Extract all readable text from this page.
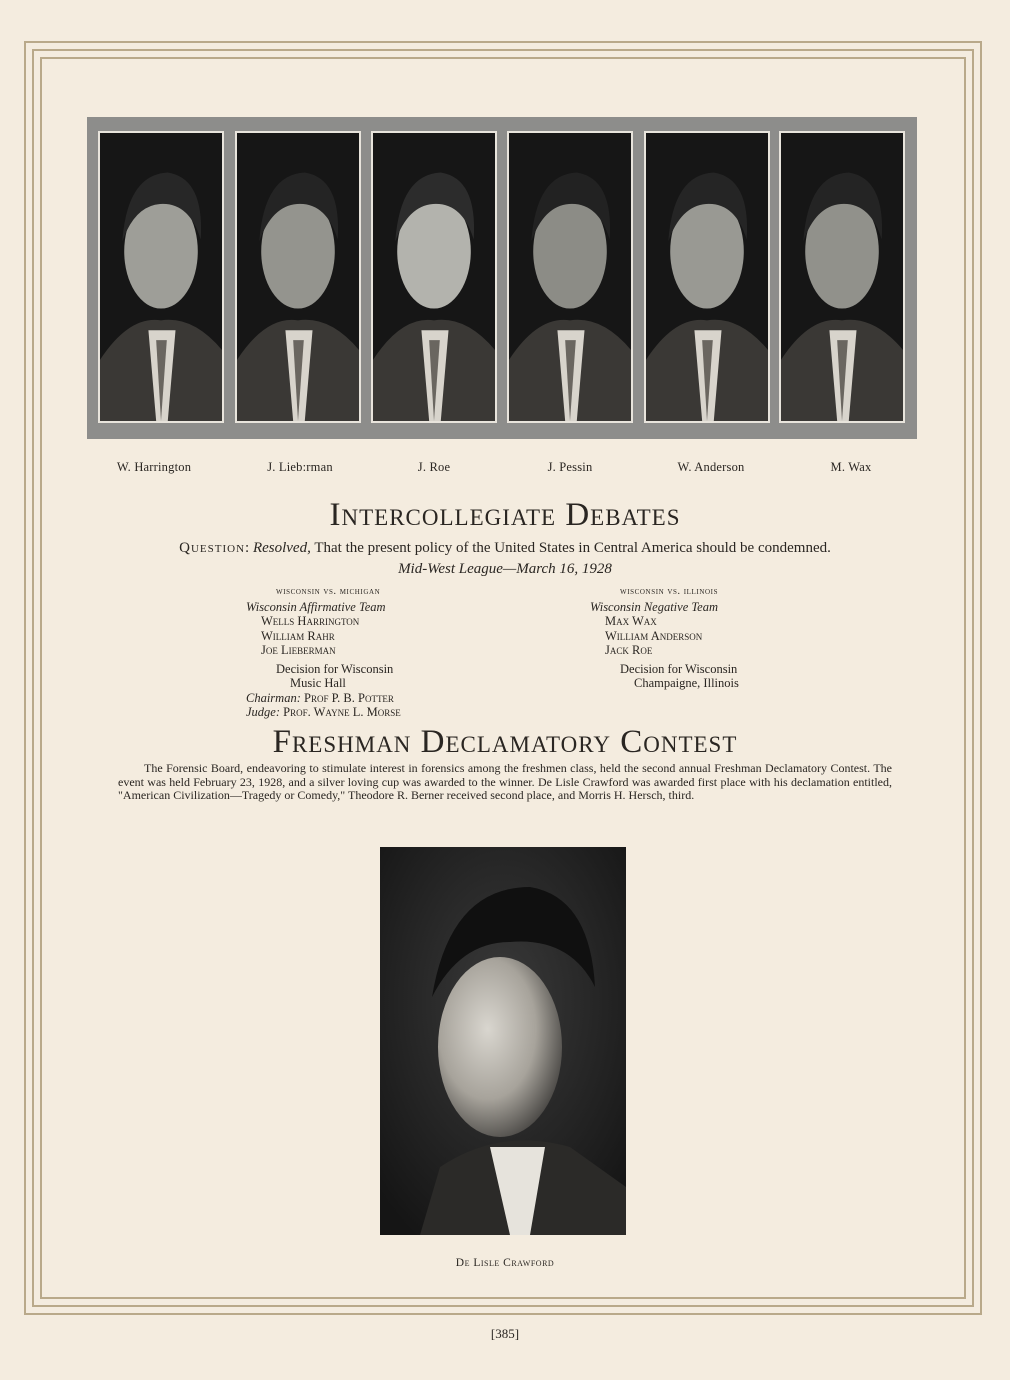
W. Harrington	J. Lieb:rman	J. Roe	J. Pessin	W. Anderson	M. Wax
Intercollegiate Debates
Question: Resolved, That the present policy of the United States in Central America should be condemned.
Mid-West League—March 16, 1928
wisconsin vs. michigan
Wisconsin Affirmative Team
Wells Harrington
William Rahr
Joe Lieberman
Decision for Wisconsin
Music Hall
Chairman: Prof P. B. Potter
Judge: Prof. Wayne L. Morse
wisconsin vs. illinois
Wisconsin Negative Team
Max Wax
William Anderson
Jack Roe
Decision for Wisconsin
Champaigne, Illinois
Freshman Declamatory Contest
The Forensic Board, endeavoring to stimulate interest in forensics among the freshmen class, held the second annual Freshman Declamatory Contest. The event was held February 23, 1928, and a silver loving cup was awarded to the winner. De Lisle Crawford was awarded first place with his declamation entitled, "American Civilization—Tragedy or Comedy," Theodore R. Berner received second place, and Morris H. Hersch, third.
De Lisle Crawford
[385]
